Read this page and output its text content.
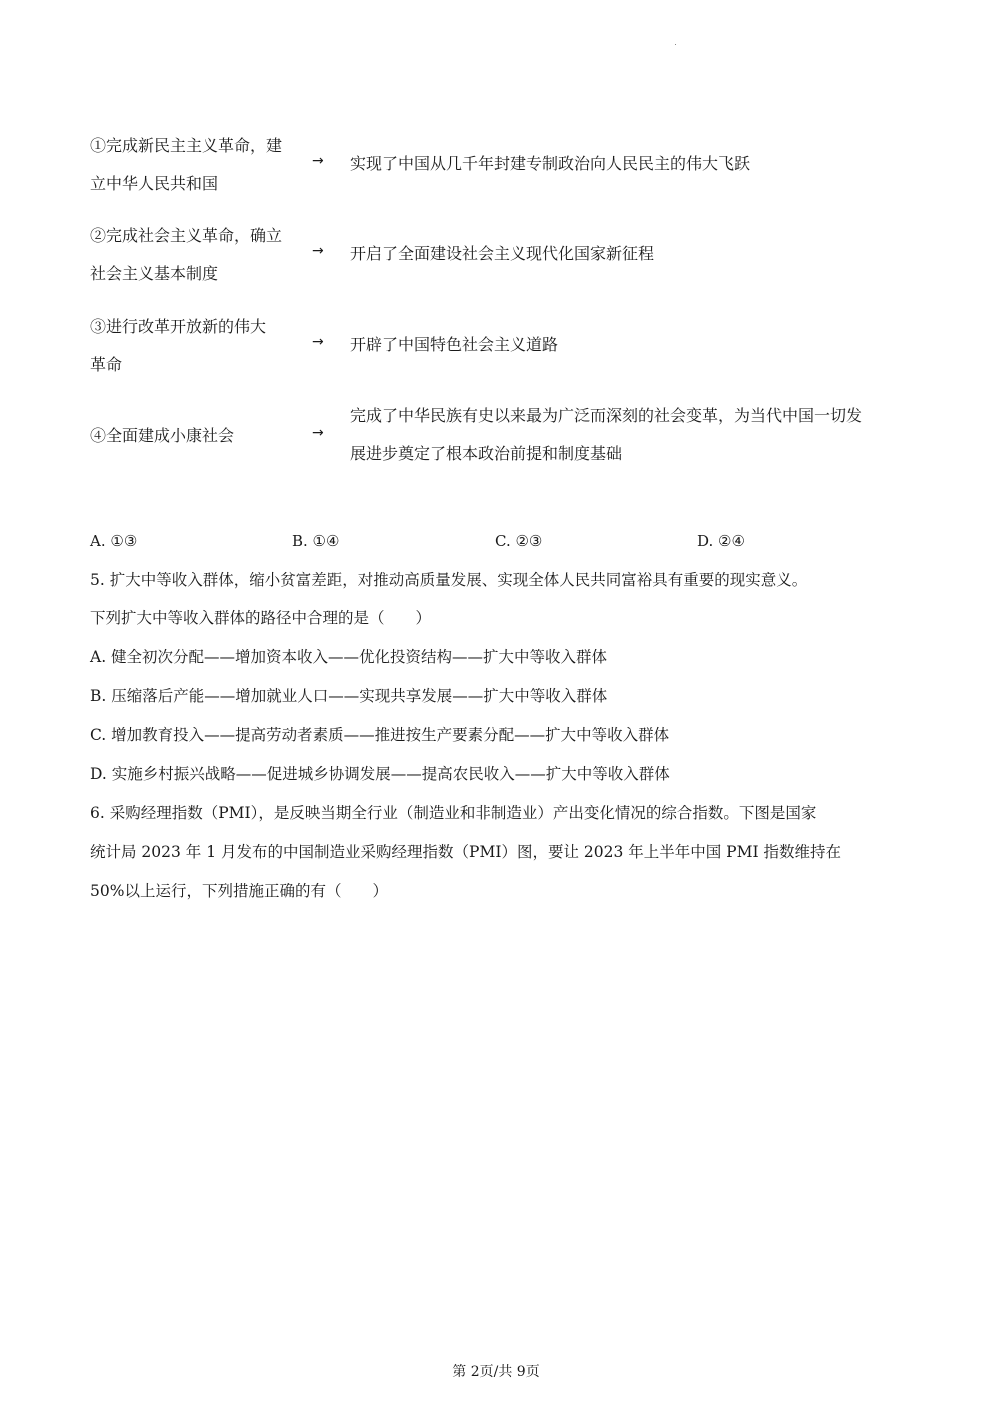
①完成新民主主义革命，建
立中华人民共和国
→	实现了中国从几千年封建专制政治向人民民主的伟大飞跃
②完成社会主义革命，确立
社会主义基本制度
→	开启了全面建设社会主义现代化国家新征程
③进行改革开放新的伟大
革命
→	开辟了中国特色社会主义道路
④全面建成小康社会	→
完成了中华民族有史以来最为广泛而深刻的社会变革，为当代中国一切发
展进步奠定了根本政治前提和制度基础
A. ①③	B. ①④	C. ②③	D. ②④
5. 扩大中等收入群体，缩小贫富差距，对推动高质量发展、实现全体人民共同富裕具有重要的现实意义。
下列扩大中等收入群体的路径中合理的是（　　）
A. 健全初次分配——增加资本收入——优化投资结构——扩大中等收入群体
B. 压缩落后产能——增加就业人口——实现共享发展——扩大中等收入群体
C. 增加教育投入——提高劳动者素质——推进按生产要素分配——扩大中等收入群体
D. 实施乡村振兴战略——促进城乡协调发展——提高农民收入——扩大中等收入群体
6. 采购经理指数（PMI），是反映当期全行业（制造业和非制造业）产出变化情况的综合指数。下图是国家
统计局 2023 年 1 月发布的中国制造业采购经理指数（PMI）图，要让 2023 年上半年中国 PMI 指数维持在
50%以上运行，下列措施正确的有（　　）
第 2页/共 9页
